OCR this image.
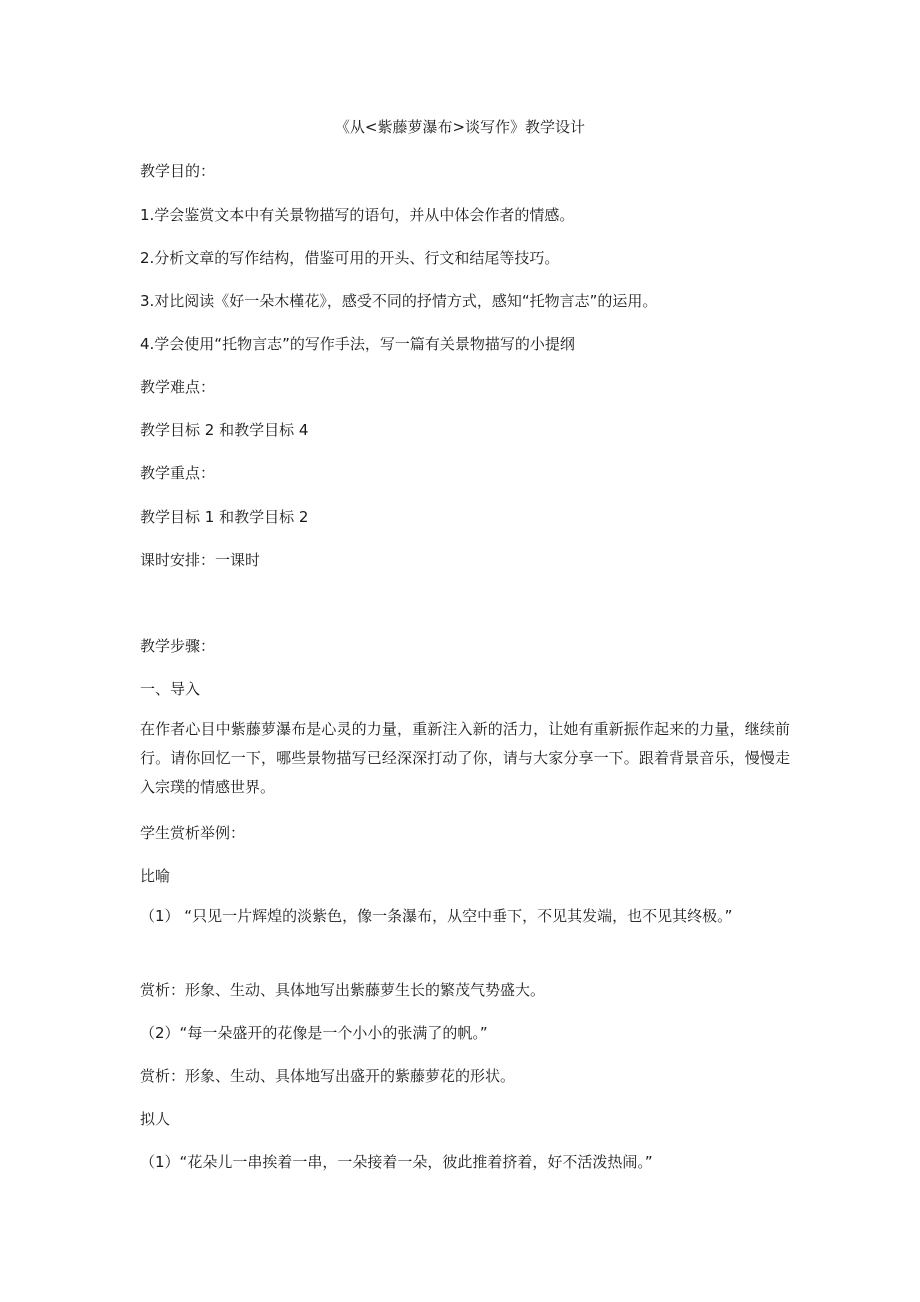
《从<紫藤萝瀑布>谈写作》教学设计
教学目的：
1.学会鉴赏文本中有关景物描写的语句，并从中体会作者的情感。
2.分析文章的写作结构，借鉴可用的开头、行文和结尾等技巧。
3.对比阅读《好一朵木槿花》，感受不同的抒情方式，感知“托物言志”的运用。
4.学会使用“托物言志”的写作手法，写一篇有关景物描写的小提纲
教学难点：
教学目标 2 和教学目标 4
教学重点：
教学目标 1 和教学目标 2
课时安排：一课时
教学步骤：
一、导入
在作者心目中紫藤萝瀑布是心灵的力量，重新注入新的活力，让她有重新振作起来的力量，继续前行。请你回忆一下，哪些景物描写已经深深打动了你，请与大家分享一下。跟着背景音乐，慢慢走入宗璞的情感世界。
学生赏析举例：
比喻
（1） “只见一片辉煌的淡紫色，像一条瀑布，从空中垂下，不见其发端，也不见其终极。”
赏析：形象、生动、具体地写出紫藤萝生长的繁茂气势盛大。
（2）“每一朵盛开的花像是一个小小的张满了的帆。”
赏析：形象、生动、具体地写出盛开的紫藤萝花的形状。
拟人
（1）“花朵儿一串挨着一串，一朵接着一朵，彼此推着挤着，好不活泼热闹。”
